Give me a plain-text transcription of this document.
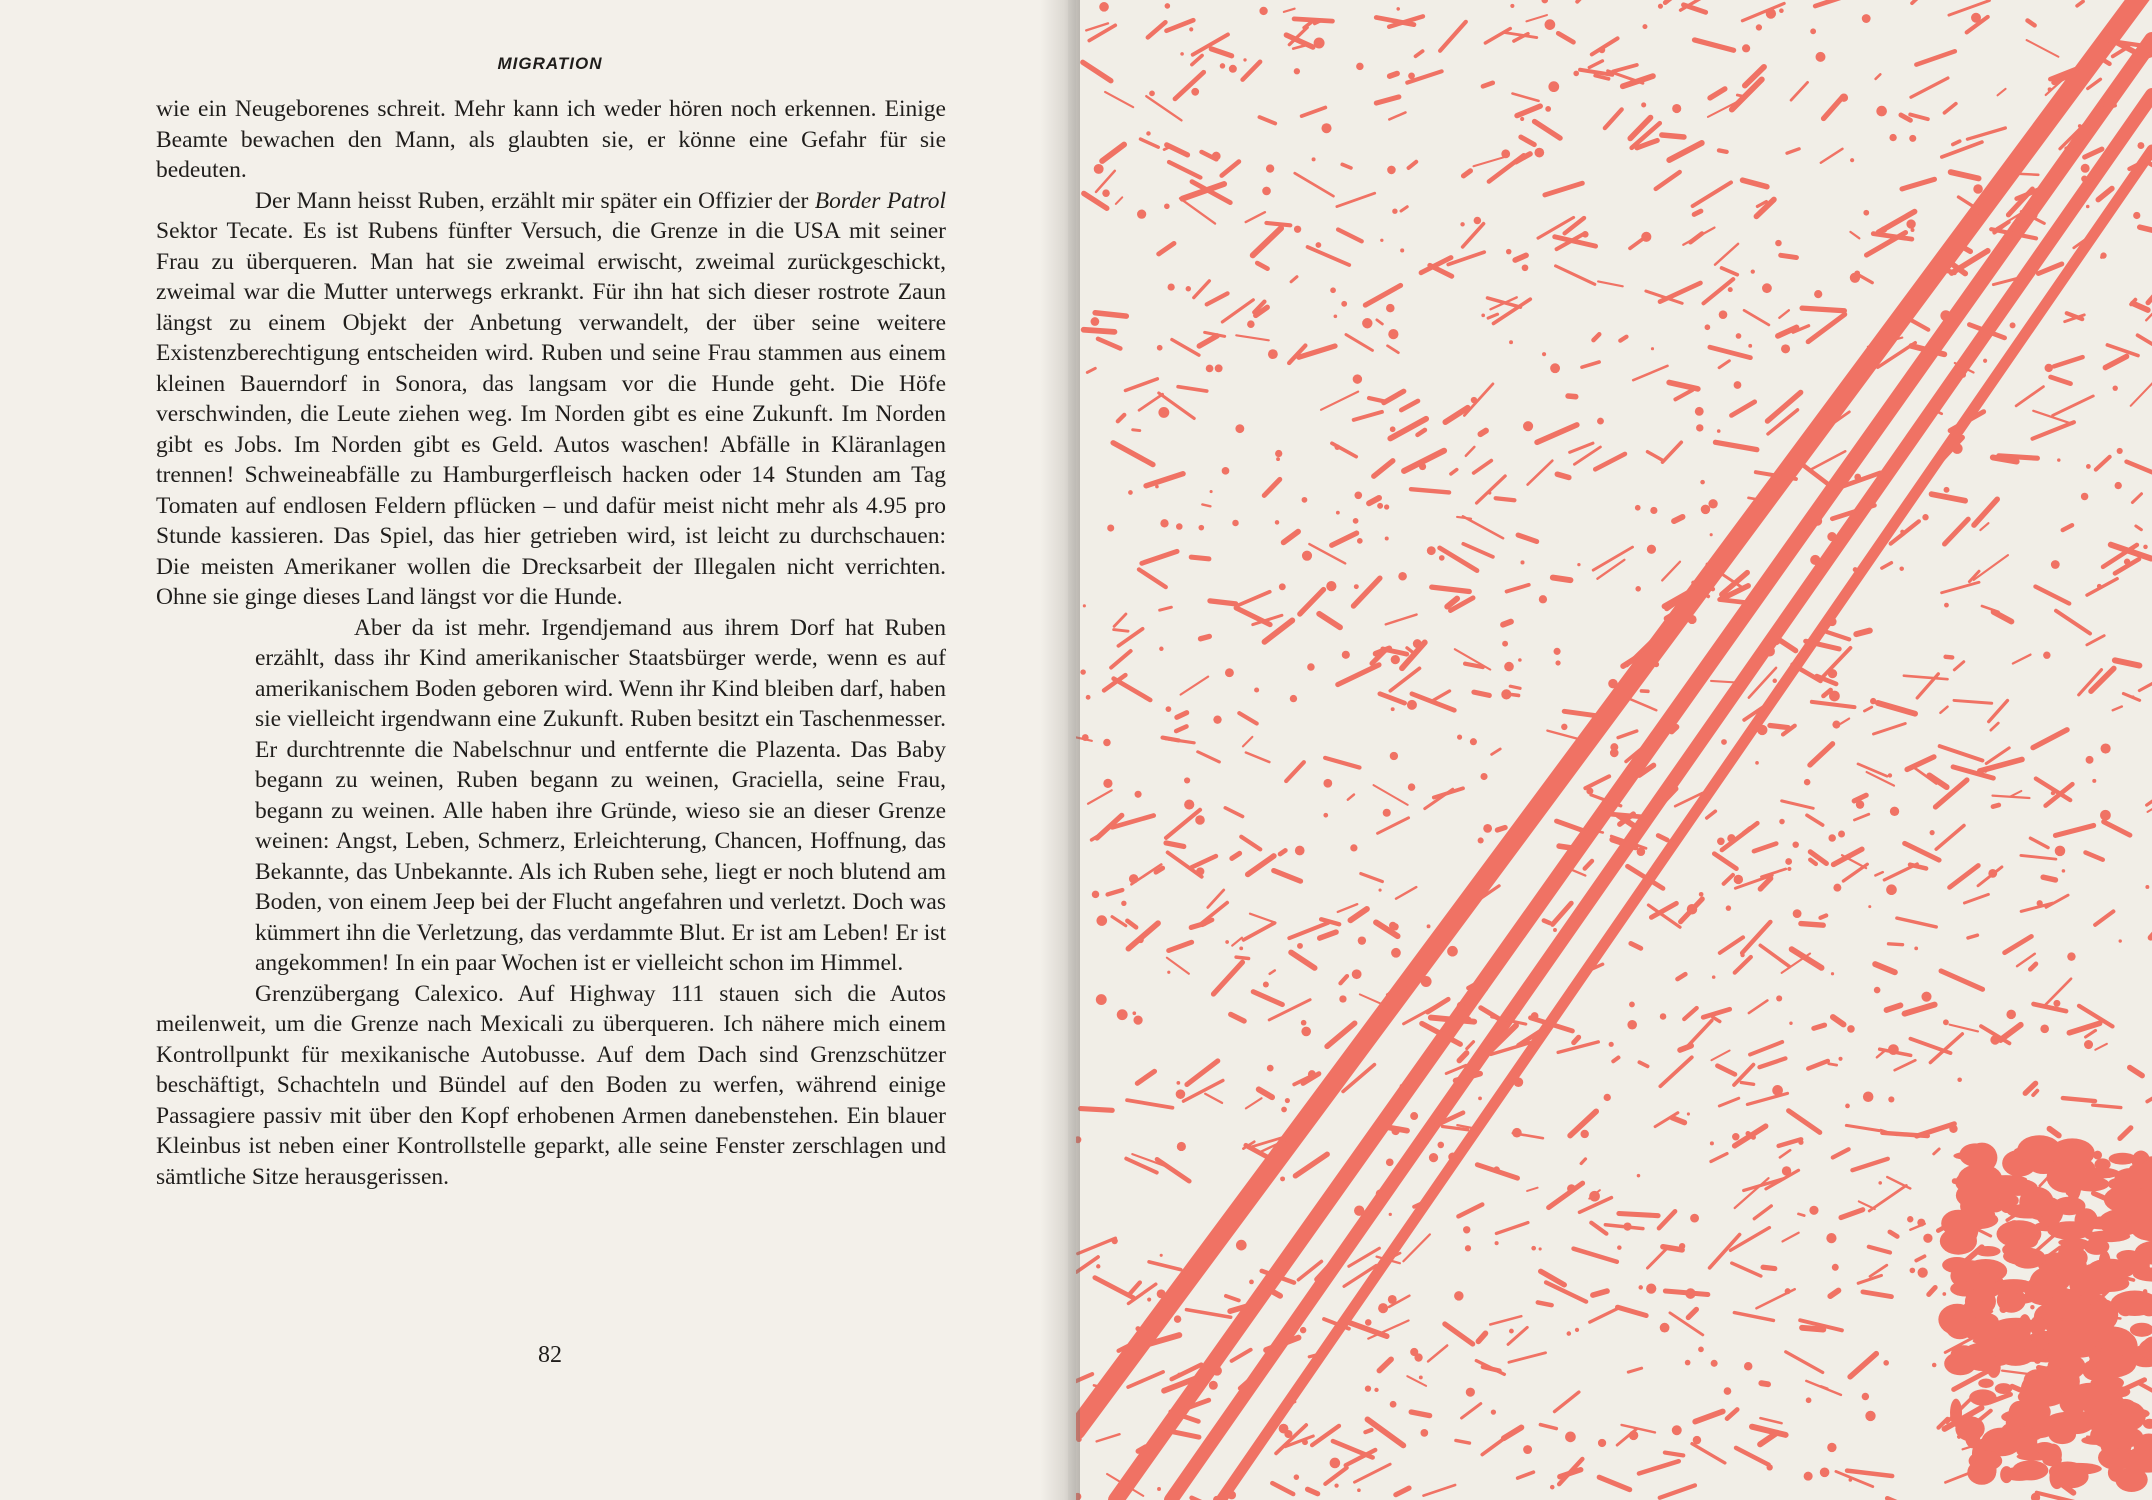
MIGRATION

wie ein Neugeborenes schreit. Mehr kann ich weder hören noch erkennen. Einige Beamte bewachen den Mann, als glaubten sie, er könne eine Gefahr für sie bedeuten.

Der Mann heisst Ruben, erzählt mir später ein Offizier der Border Patrol Sektor Tecate. Es ist Rubens fünfter Versuch, die Grenze in die USA mit seiner Frau zu überqueren. Man hat sie zweimal erwischt, zweimal zurückgeschickt, zweimal war die Mutter unterwegs erkrankt. Für ihn hat sich dieser rostrote Zaun längst zu einem Objekt der Anbetung verwandelt, der über seine weitere Existenzberechtigung entscheiden wird. Ruben und seine Frau stammen aus einem kleinen Bauerndorf in Sonora, das langsam vor die Hunde geht. Die Höfe verschwinden, die Leute ziehen weg. Im Norden gibt es eine Zukunft. Im Norden gibt es Jobs. Im Norden gibt es Geld. Autos waschen! Abfälle in Kläranlagen trennen! Schweineabfälle zu Hamburgerfleisch hacken oder 14 Stunden am Tag Tomaten auf endlosen Feldern pflücken – und dafür meist nicht mehr als 4.95 pro Stunde kassieren. Das Spiel, das hier getrieben wird, ist leicht zu durchschauen: Die meisten Amerikaner wollen die Drecksarbeit der Illegalen nicht verrichten. Ohne sie ginge dieses Land längst vor die Hunde.

Aber da ist mehr. Irgendjemand aus ihrem Dorf hat Ruben erzählt, dass ihr Kind amerikanischer Staatsbürger werde, wenn es auf amerikanischem Boden geboren wird. Wenn ihr Kind bleiben darf, haben sie vielleicht irgendwann eine Zukunft. Ruben besitzt ein Taschenmesser. Er durchtrennte die Nabelschnur und entfernte die Plazenta. Das Baby begann zu weinen, Ruben begann zu weinen, Graciella, seine Frau, begann zu weinen. Alle haben ihre Gründe, wieso sie an dieser Grenze weinen: Angst, Leben, Schmerz, Erleichterung, Chancen, Hoffnung, das Bekannte, das Unbekannte. Als ich Ruben sehe, liegt er noch blutend am Boden, von einem Jeep bei der Flucht angefahren und verletzt. Doch was kümmert ihn die Verletzung, das verdammte Blut. Er ist am Leben! Er ist angekommen! In ein paar Wochen ist er vielleicht schon im Himmel.

Grenzübergang Calexico. Auf Highway 111 stauen sich die Autos meilenweit, um die Grenze nach Mexicali zu überqueren. Ich nähere mich einem Kontrollpunkt für mexikanische Autobusse. Auf dem Dach sind Grenzschützer beschäftigt, Schachteln und Bündel auf den Boden zu werfen, während einige Passagiere passiv mit über den Kopf erhobenen Armen danebenstehen. Ein blauer Kleinbus ist neben einer Kontrollstelle geparkt, alle seine Fenster zerschlagen und sämtliche Sitze herausgerissen.

82
